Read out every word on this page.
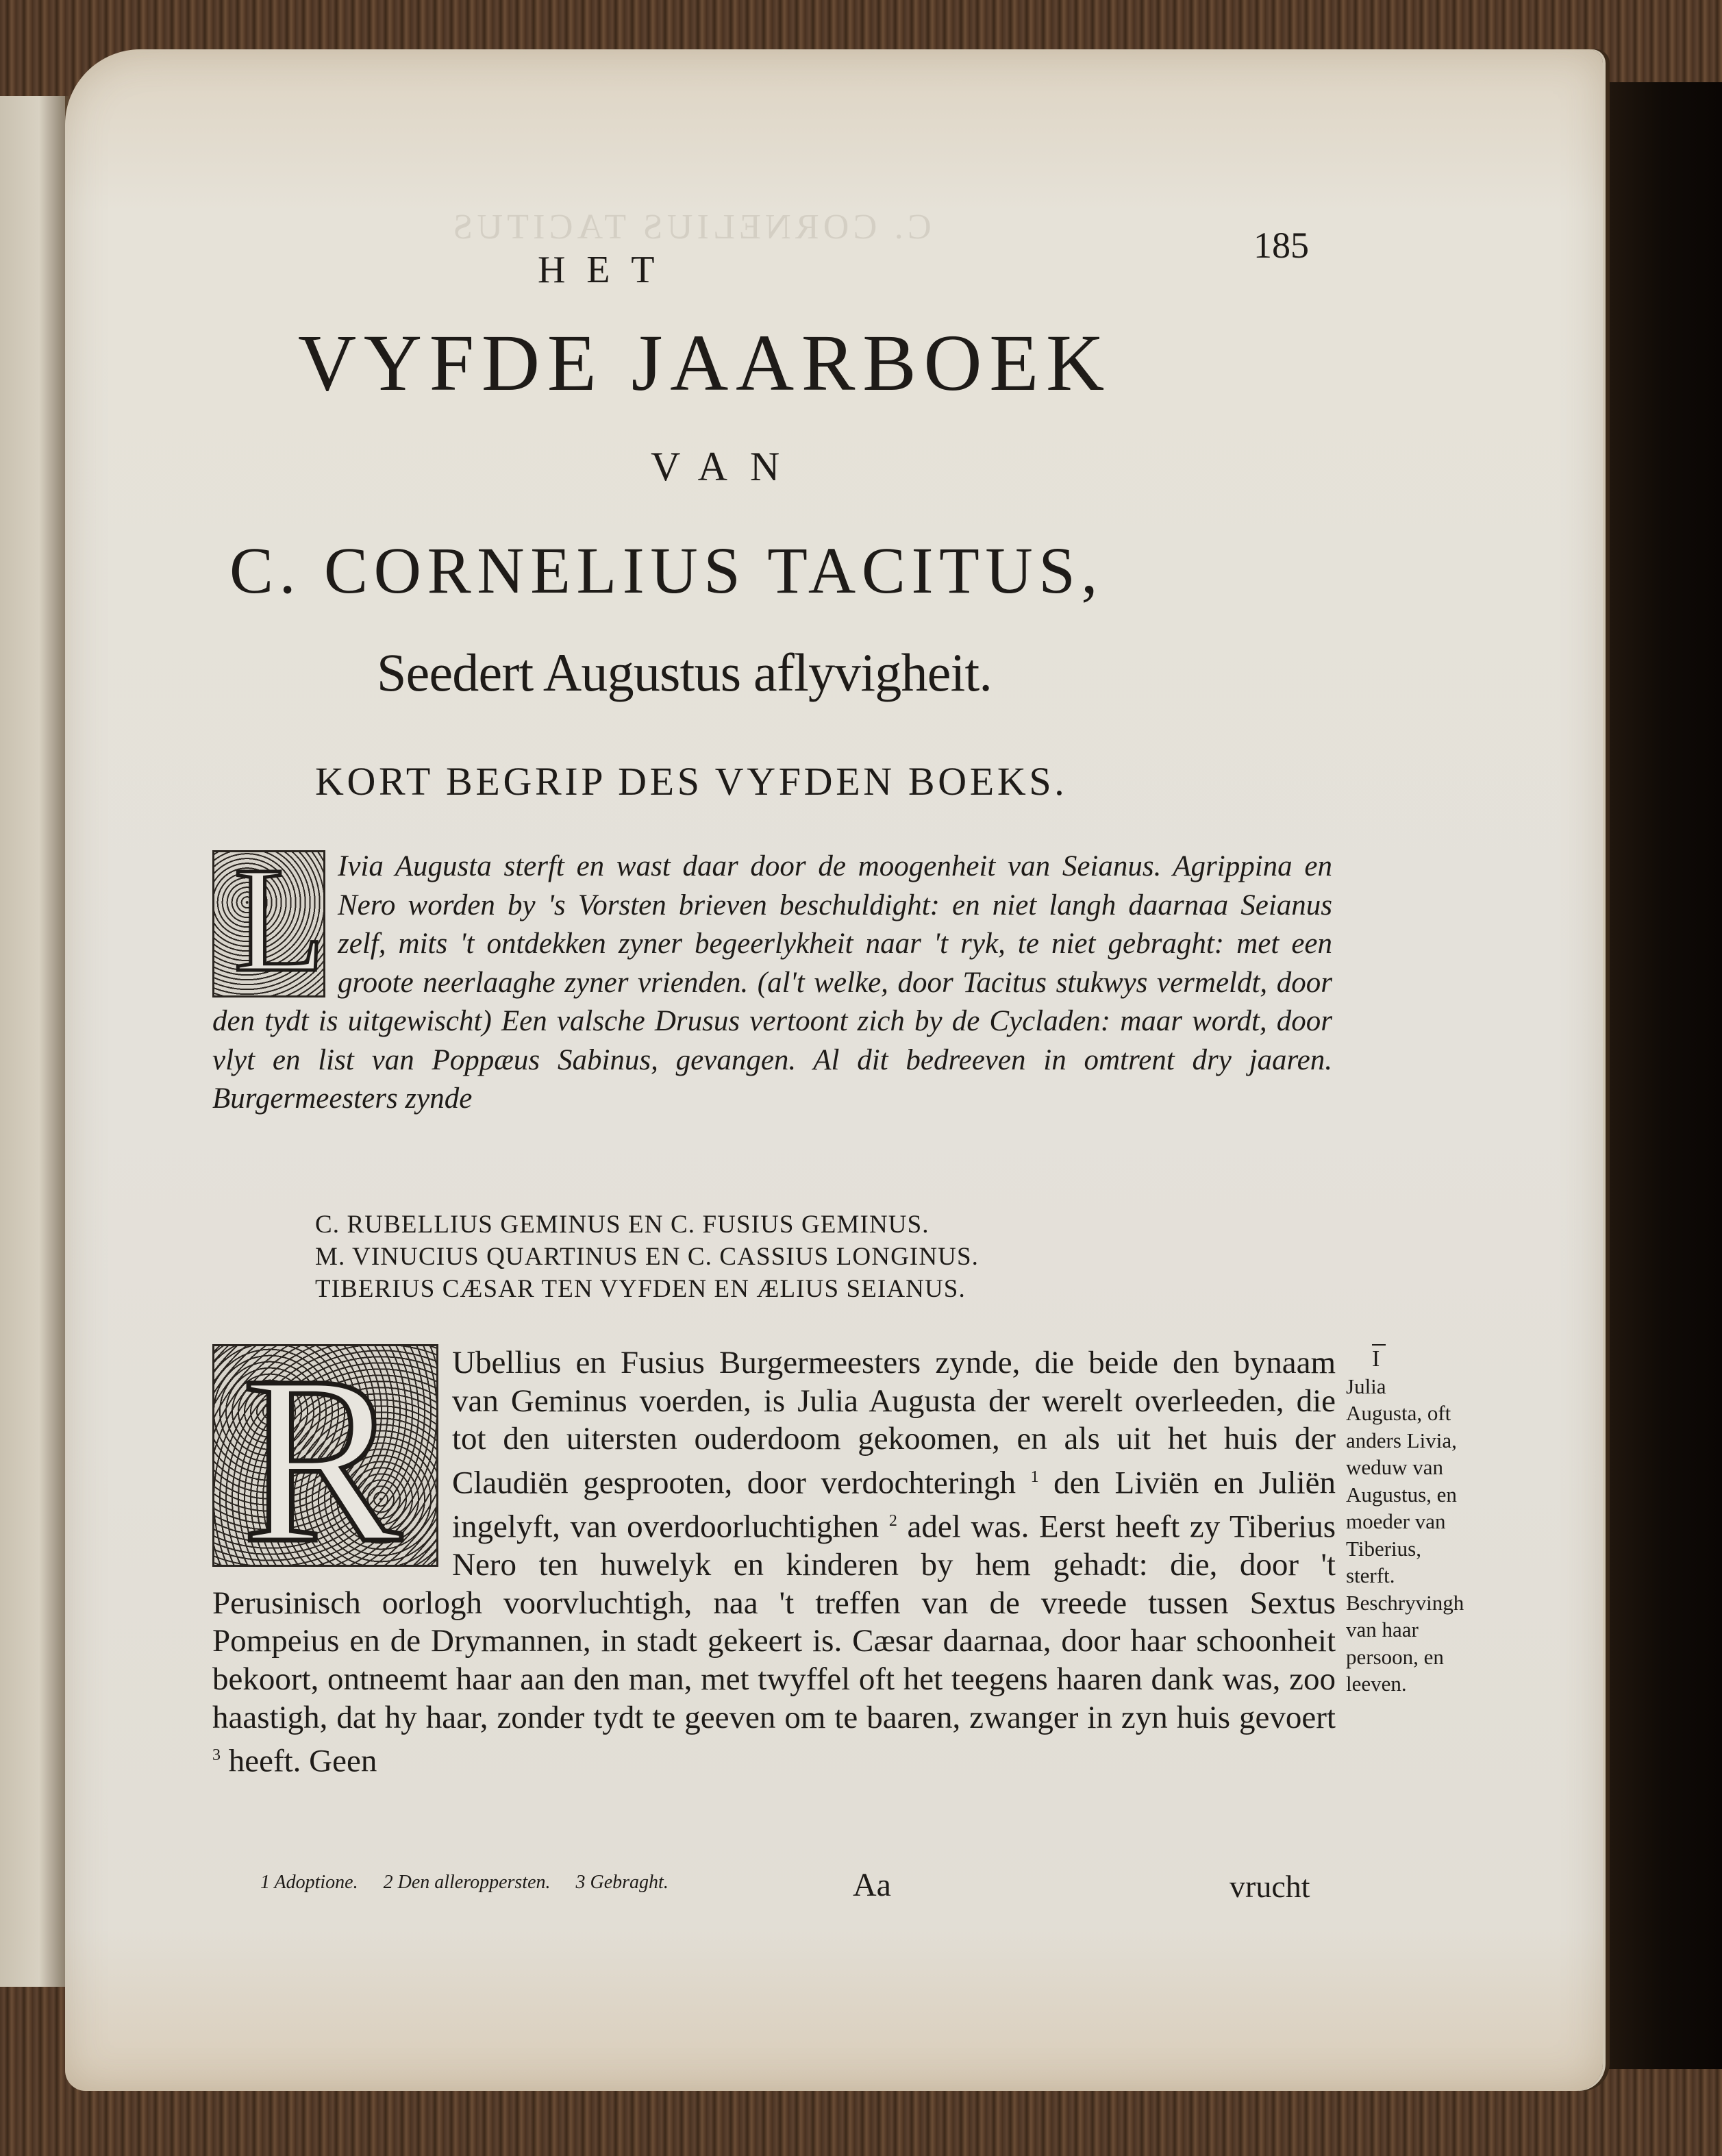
C. CORNELIUS TACITUS	185
HET
VYFDE JAARBOEK
VAN
C. CORNELIUS TACITUS,
Seedert Augustus aflyvigheit.
KORT BEGRIP DES VYFDEN BOEKS.
L Ivia Augusta sterft en wast daar door de moogenheit van Seianus. Agrippina en Nero worden by 's Vorsten brieven beschuldight: en niet langh daarnaa Seianus zelf, mits 't ontdekken zyner begeerlykheit naar 't ryk, te niet gebraght: met een groote neerlaaghe zyner vrienden. (al't welke, door Tacitus stukwys vermeldt, door den tydt is uitgewischt) Een valsche Drusus vertoont zich by de Cycladen: maar wordt, door vlyt en list van Poppæus Sabinus, gevangen. Al dit bedreeven in omtrent dry jaaren. Burgermeesters zynde
C. RUBELLIUS GEMINUS EN C. FUSIUS GEMINUS.
M. VINUCIUS QUARTINUS EN C. CASSIUS LONGINUS.
TIBERIUS CÆSAR TEN VYFDEN EN ÆLIUS SEIANUS.
R Ubellius en Fusius Burgermeesters zynde, die beide den bynaam van Geminus voerden, is Julia Augusta der werelt overleeden, die tot den uitersten ouderdoom gekoomen, en als uit het huis der Claudiën gesprooten, door verdochteringh $^1$ den Liviën en Juliën ingelyft, van overdoorluchtighen $^2$ adel was. Eerst heeft zy Tiberius Nero ten huwelyk en kinderen by hem gehadt: die, door 't Perusinisch oorlogh voorvluchtigh, naa 't treffen van de vreede tussen Sextus Pompeius en de Drymannen, in stadt gekeert is. Cæsar daarnaa, door haar schoonheit bekoort, ontneemt haar aan den man, met twyffel oft het teegens haaren dank was, zoo haastigh, dat hy haar, zonder tydt te geeven om te baaren, zwanger in zyn huis gevoert $^3$ heeft. Geen
I
Julia Augusta, oft anders Livia, weduw van Augustus, en moeder van Tiberius, sterft. Beschryvingh van haar persoon, en leeven.
1 Adoptione. 2 Den alleroppersten. 3 Gebraght.	Aa	vrucht
